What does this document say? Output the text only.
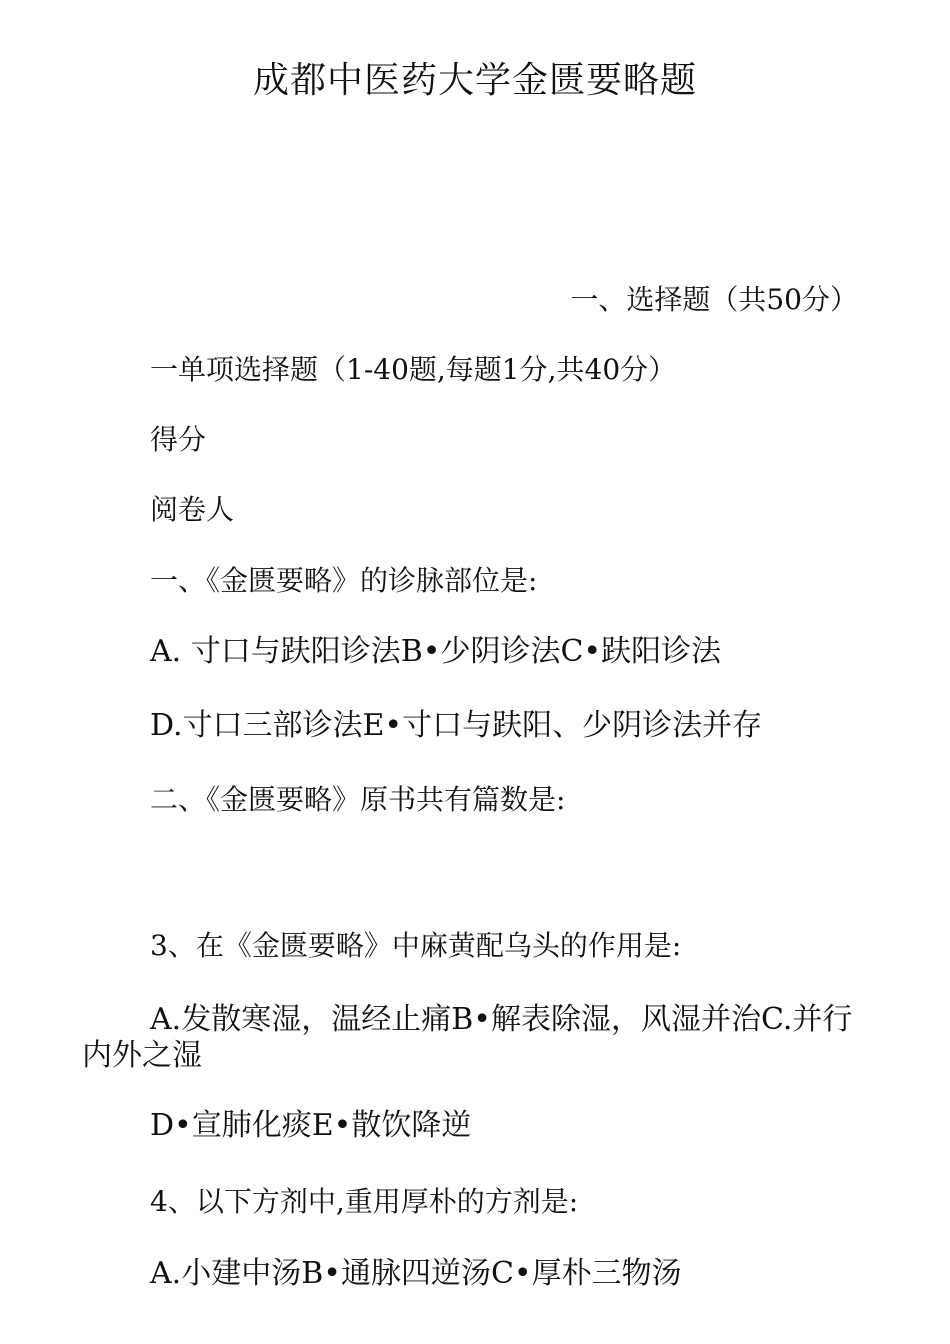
成都中医药大学金匮要略题
一、选择题（共50分）
一单项选择题（1-40题,每题1分,共40分）
得分
阅卷人
一、《金匮要略》的诊脉部位是:
A. 寸口与趺阳诊法B•少阴诊法C•趺阳诊法
D.寸口三部诊法E•寸口与趺阳、少阴诊法并存
二、《金匮要略》原书共有篇数是:
3、在《金匮要略》中麻黄配乌头的作用是:
A.发散寒湿，温经止痛B•解表除湿，风湿并治C.并行内外之湿
D•宣肺化痰E•散饮降逆
4、以下方剂中,重用厚朴的方剂是:
A.小建中汤B•通脉四逆汤C•厚朴三物汤
